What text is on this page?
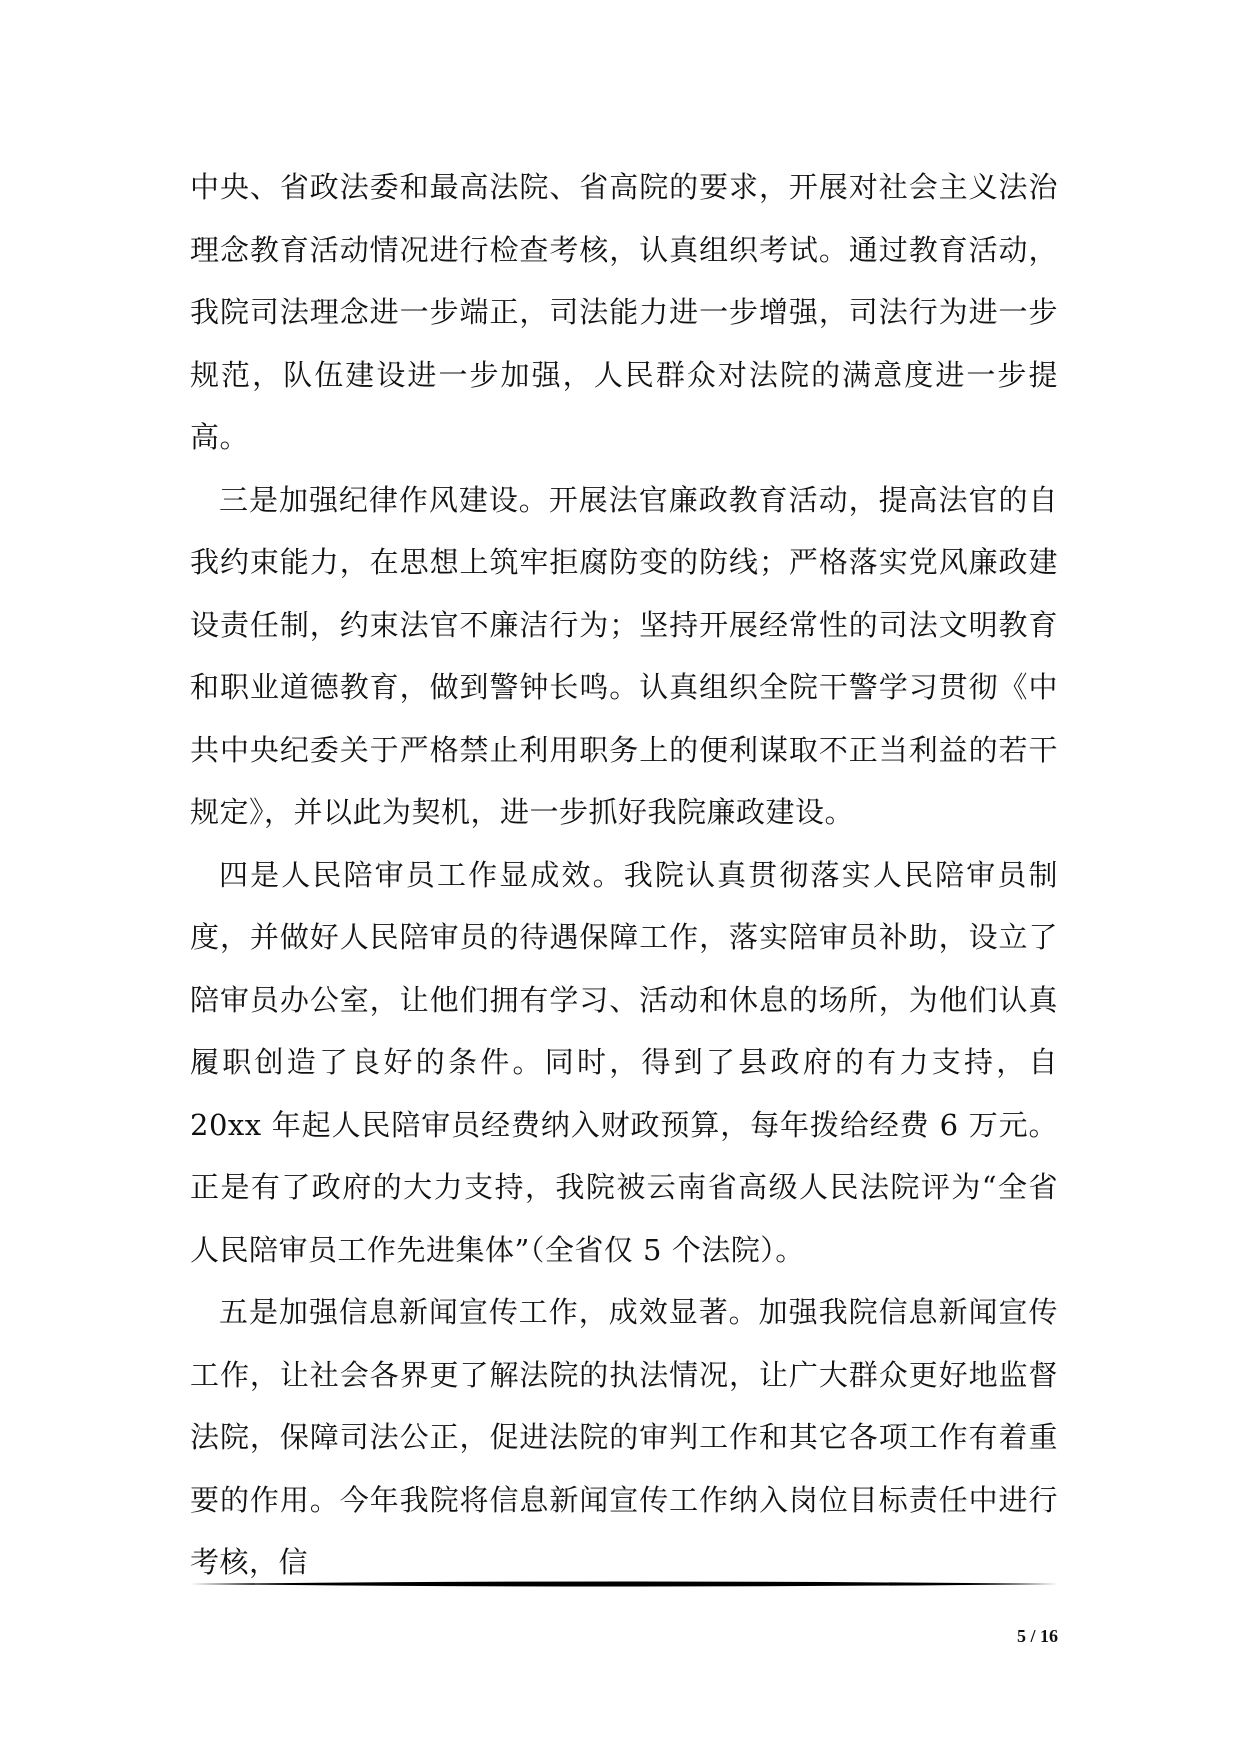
中央、省政法委和最高法院、省高院的要求，开展对社会主义法治理念教育活动情况进行检查考核，认真组织考试。通过教育活动，我院司法理念进一步端正，司法能力进一步增强，司法行为进一步规范，队伍建设进一步加强，人民群众对法院的满意度进一步提高。

三是加强纪律作风建设。开展法官廉政教育活动，提高法官的自我约束能力，在思想上筑牢拒腐防变的防线；严格落实党风廉政建设责任制，约束法官不廉洁行为；坚持开展经常性的司法文明教育和职业道德教育，做到警钟长鸣。认真组织全院干警学习贯彻《中共中央纪委关于严格禁止利用职务上的便利谋取不正当利益的若干规定》，并以此为契机，进一步抓好我院廉政建设。

四是人民陪审员工作显成效。我院认真贯彻落实人民陪审员制度，并做好人民陪审员的待遇保障工作，落实陪审员补助，设立了陪审员办公室，让他们拥有学习、活动和休息的场所，为他们认真履职创造了良好的条件。同时，得到了县政府的有力支持，自 20xx 年起人民陪审员经费纳入财政预算，每年拨给经费 6 万元。正是有了政府的大力支持，我院被云南省高级人民法院评为“全省人民陪审员工作先进集体”（全省仅 5 个法院）。

五是加强信息新闻宣传工作，成效显著。加强我院信息新闻宣传工作，让社会各界更了解法院的执法情况，让广大群众更好地监督法院，保障司法公正，促进法院的审判工作和其它各项工作有着重要的作用。今年我院将信息新闻宣传工作纳入岗位目标责任中进行考核，信

5 / 16
